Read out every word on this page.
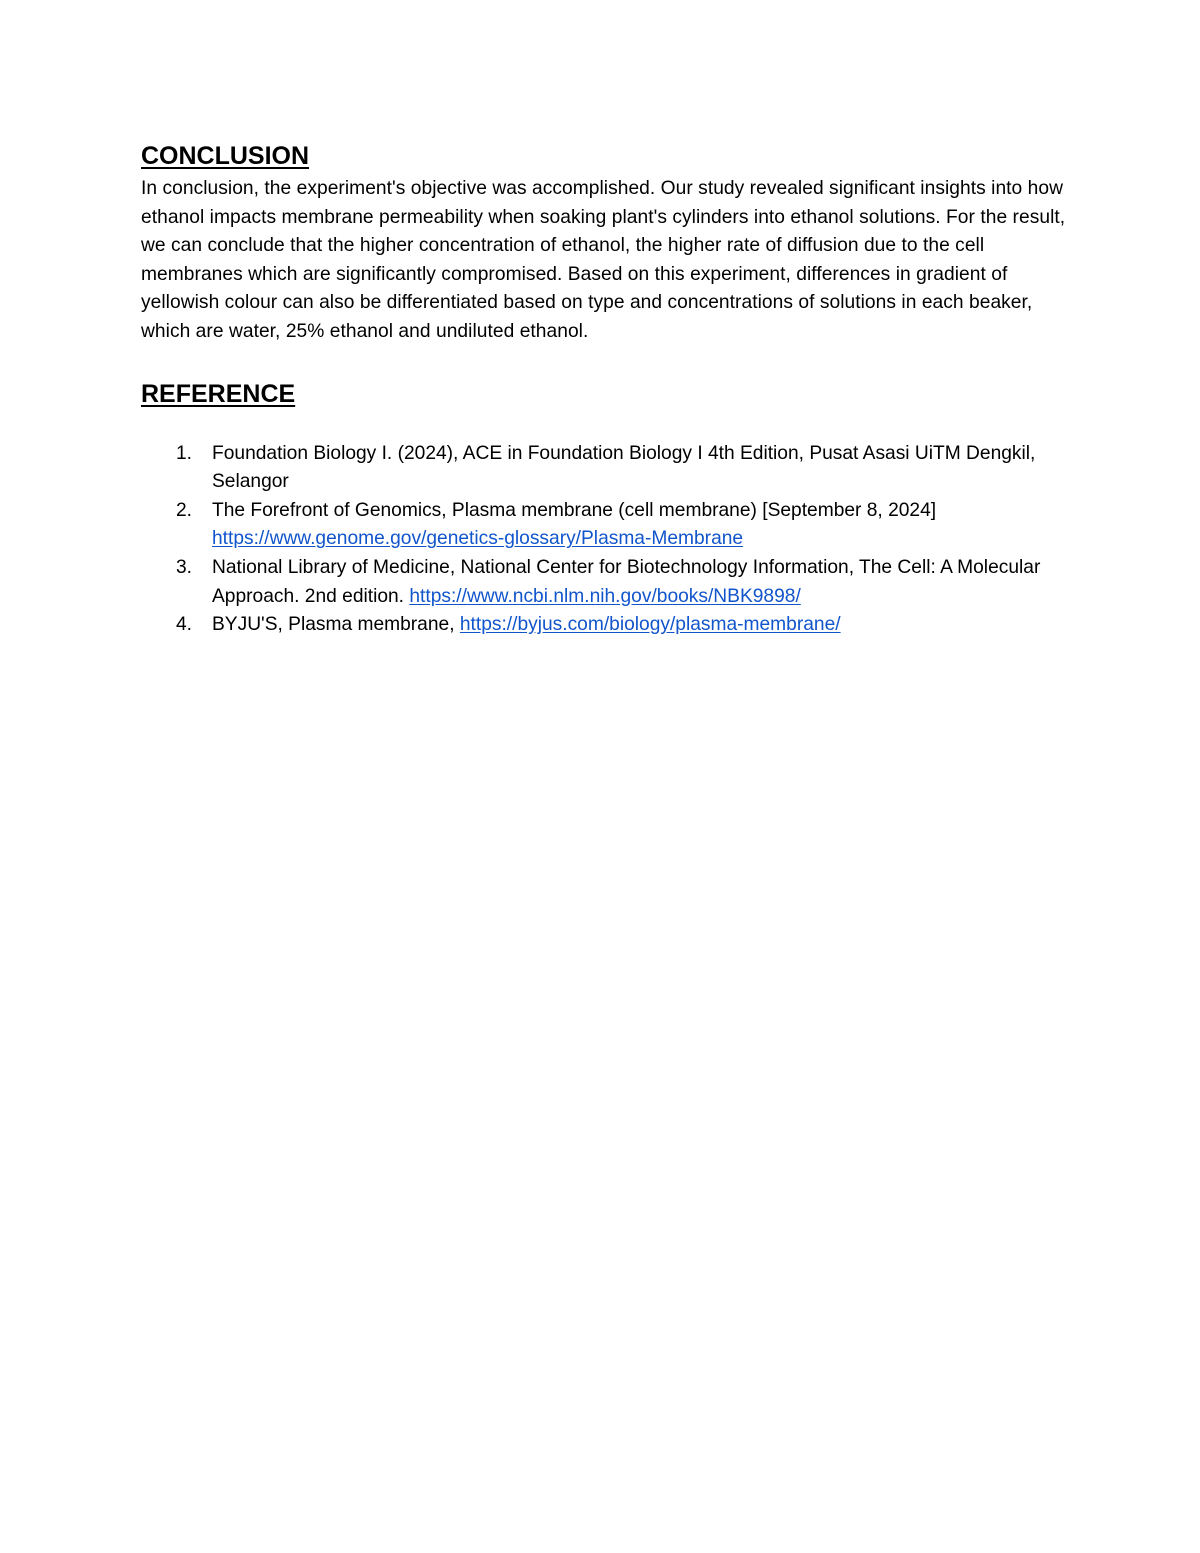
CONCLUSION

In conclusion, the experiment's objective was accomplished. Our study revealed significant insights into how ethanol impacts membrane permeability when soaking plant's cylinders into ethanol solutions. For the result, we can conclude that the higher concentration of ethanol, the higher rate of diffusion due to the cell membranes which are significantly compromised. Based on this experiment, differences in gradient of yellowish colour can also be differentiated based on type and concentrations of solutions in each beaker, which are water, 25% ethanol and undiluted ethanol.

REFERENCE
1. Foundation Biology I. (2024), ACE in Foundation Biology I 4th Edition, Pusat Asasi UiTM Dengkil, Selangor
2. The Forefront of Genomics, Plasma membrane (cell membrane) [September 8, 2024] https://www.genome.gov/genetics-glossary/Plasma-Membrane
3. National Library of Medicine, National Center for Biotechnology Information, The Cell: A Molecular Approach. 2nd edition. https://www.ncbi.nlm.nih.gov/books/NBK9898/
4. BYJU'S, Plasma membrane, https://byjus.com/biology/plasma-membrane/
